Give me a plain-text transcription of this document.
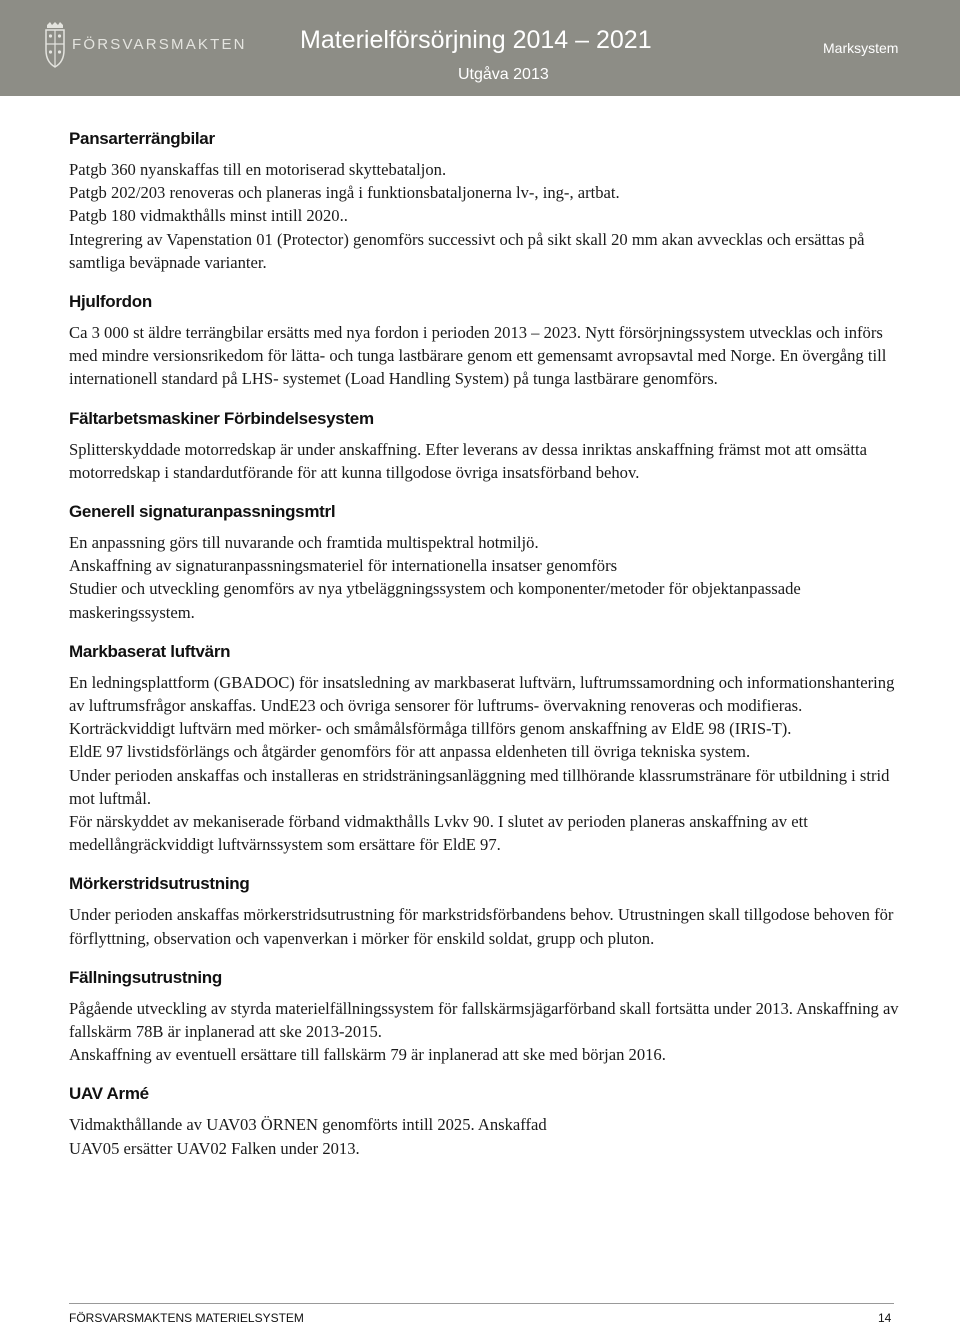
FÖRSVARSMAKTEN Materielförsörjning 2014 – 2021
Utgåva 2013
Marksystem
Pansarterrängbilar

Patgb 360 nyanskaffas till en motoriserad skyttebataljon.

Patgb 202/203 renoveras och planeras ingå i funktionsbataljonerna lv-, ing-, artbat.

Patgb 180 vidmakthålls minst intill 2020..

Integrering av Vapenstation 01 (Protector) genomförs successivt och på sikt skall 20 mm akan avvecklas och ersättas på samtliga beväpnade varianter.

Hjulfordon

Ca 3 000 st äldre terrängbilar ersätts med nya fordon i perioden 2013 – 2023. Nytt försörjningssystem utvecklas och införs med mindre versionsrikedom för lätta- och tunga lastbärare genom ett gemensamt avropsavtal med Norge. En övergång till internationell standard på LHS- systemet (Load Handling System) på tunga lastbärare genomförs.

Fältarbetsmaskiner Förbindelsesystem

Splitterskyddade motorredskap är under anskaffning. Efter leverans av dessa inriktas anskaffning främst mot att omsätta motorredskap i standardutförande för att kunna tillgodose övriga insatsförband behov.

Generell signaturanpassningsmtrl

En anpassning görs till nuvarande och framtida multispektral hotmiljö.

Anskaffning av signaturanpassningsmateriel för internationella insatser genomförs

Studier och utveckling genomförs av nya ytbeläggningssystem och komponenter/metoder för objektanpassade maskeringssystem.

Markbaserat luftvärn

En ledningsplattform (GBADOC) för insatsledning av markbaserat luftvärn, luftrumssamordning och informationshantering av luftrumsfrågor anskaffas. UndE23 och övriga sensorer för luftrums- övervakning renoveras och modifieras. Korträckviddigt luftvärn med mörker- och småmålsförmåga tillförs genom anskaffning av EldE 98 (IRIS-T).

EldE 97 livstidsförlängs och åtgärder genomförs för att anpassa eldenheten till övriga tekniska system.

Under perioden anskaffas och installeras en stridsträningsanläggning med tillhörande klassrumstränare för utbildning i strid mot luftmål.

För närskyddet av mekaniserade förband vidmakthålls Lvkv 90. I slutet av perioden planeras anskaffning av ett medellångräckviddigt luftvärnssystem som ersättare för EldE 97.

Mörkerstridsutrustning

Under perioden anskaffas mörkerstridsutrustning för markstridsförbandens behov. Utrustningen skall tillgodose behoven för förflyttning, observation och vapenverkan i mörker för enskild soldat, grupp och pluton.

Fällningsutrustning

Pågående utveckling av styrda materielfällningssystem för fallskärmsjägarförband skall fortsätta under 2013. Anskaffning av fallskärm 78B är inplanerad att ske 2013-2015.

Anskaffning av eventuell ersättare till fallskärm 79 är inplanerad att ske med början 2016.

UAV Armé

Vidmakthållande av UAV03 ÖRNEN genomförts intill 2025. Anskaffad

UAV05 ersätter UAV02 Falken under 2013.

FÖRSVARSMAKTENS MATERIELSYSTEM	14
